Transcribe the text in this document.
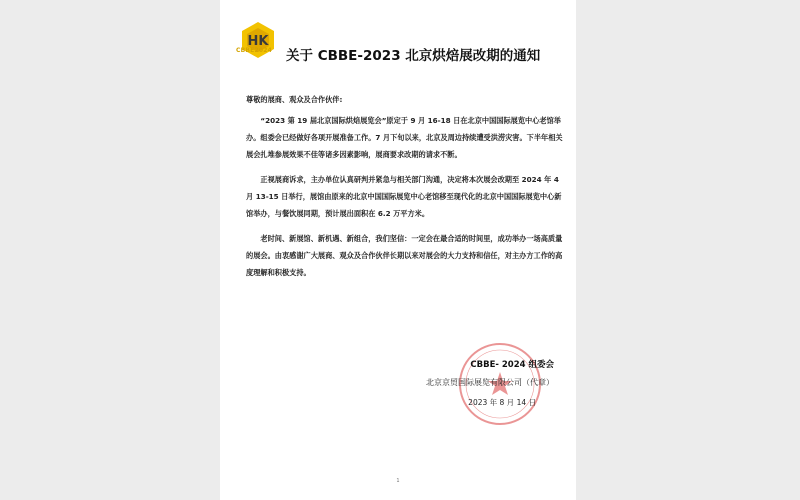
HK
CBBE2024	关于 CBBE-2023 北京烘焙展改期的通知
尊敬的展商、观众及合作伙伴:

“2023 第 19 届北京国际烘焙展览会”原定于 9 月 16-18 日在北京中国国际展览中心老馆举办。组委会已经做好各项开展准备工作。7 月下旬以来，北京及周边持续遭受洪涝灾害。下半年相关展会扎堆参展效果不佳等诸多因素影响，展商要求改期的请求不断。

正视展商诉求，主办单位认真研判并紧急与相关部门沟通，决定将本次展会改期至 2024 年 4 月 13-15 日举行，展馆由原来的北京中国国际展览中心老馆移至现代化的北京中国国际展览中心新馆举办，与餐饮展同期，预计展出面积在 6.2 万平方米。

老时间、新展馆、新机遇、新组合，我们坚信：一定会在最合适的时间里，成功举办一场高质量的展会。由衷感谢广大展商、观众及合作伙伴长期以来对展会的大力支持和信任，对主办方工作的高度理解和积极支持。

CBBE- 2024 组委会
北京京贸国际展览有限公司（代章）
2023 年 8 月 14 日
1
